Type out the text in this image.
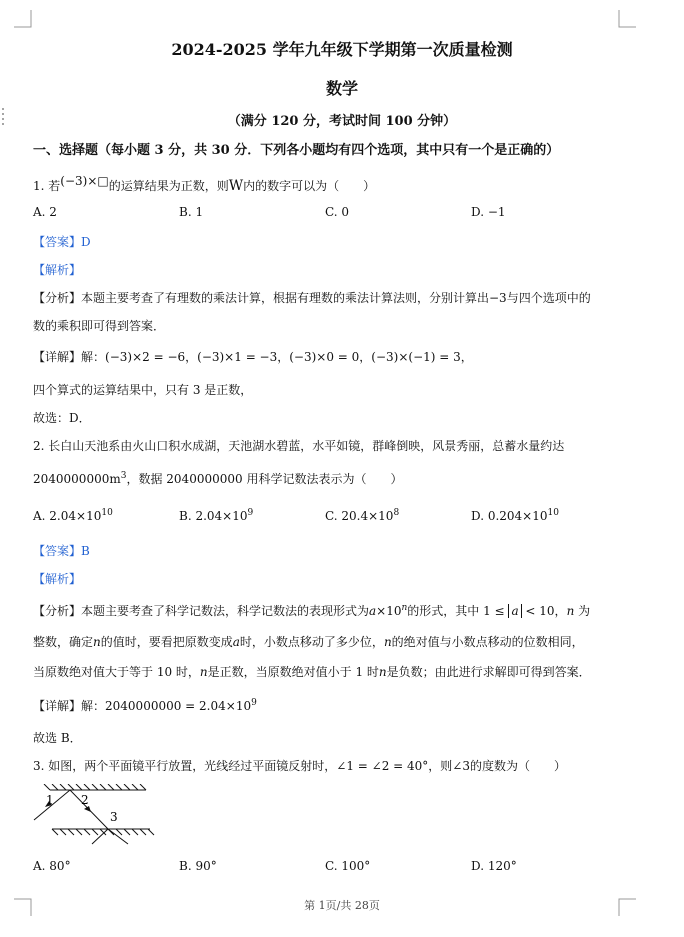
2024-2025 学年九年级下学期第一次质量检测
数学
（满分 120 分，考试时间 100 分钟）
一、选择题（每小题 3 分，共 30 分．下列各小题均有四个选项，其中只有一个是正确的）
1. 若(−3)×□的运算结果为正数，则W内的数字可以为（　　）
A. 2	B. 1	C. 0	D. −1
【答案】D
【解析】
【分析】本题主要考查了有理数的乘法计算，根据有理数的乘法计算法则，分别计算出−3与四个选项中的
数的乘积即可得到答案．
【详解】解：(−3)×2 = −6，(−3)×1 = −3，(−3)×0 = 0，(−3)×(−1) = 3，
四个算式的运算结果中，只有 3 是正数，
故选：D．
2. 长白山天池系由火山口积水成湖，天池湖水碧蓝，水平如镜，群峰倒映，风景秀丽，总蓄水量约达
$2040000000m^3$，数据 2040000000 用科学记数法表示为（　　）
A. $2.04\times 10^{10}$	B. $2.04\times 10^9$	C. $20.4\times 10^8$	D. $0.204\times 10^{10}$
【答案】B
【解析】
【分析】本题主要考查了科学记数法，科学记数法的表现形式为$a\times 10^n$的形式，其中 1 ≤ a < 10，n 为
整数，确定n的值时，要看把原数变成a时，小数点移动了多少位，n的绝对值与小数点移动的位数相同，
当原数绝对值大于等于 10 时，n是正数，当原数绝对值小于 1 时n是负数；由此进行求解即可得到答案．
【详解】解：$2040000000 = 2.04\times 10^9$
故选 B．
3. 如图，两个平面镜平行放置，光线经过平面镜反射时，∠1 = ∠2 = 40°，则∠3的度数为（　　）
1 2
3
A. 80°	B. 90°	C. 100°	D. 120°
第 1页/共 28页
